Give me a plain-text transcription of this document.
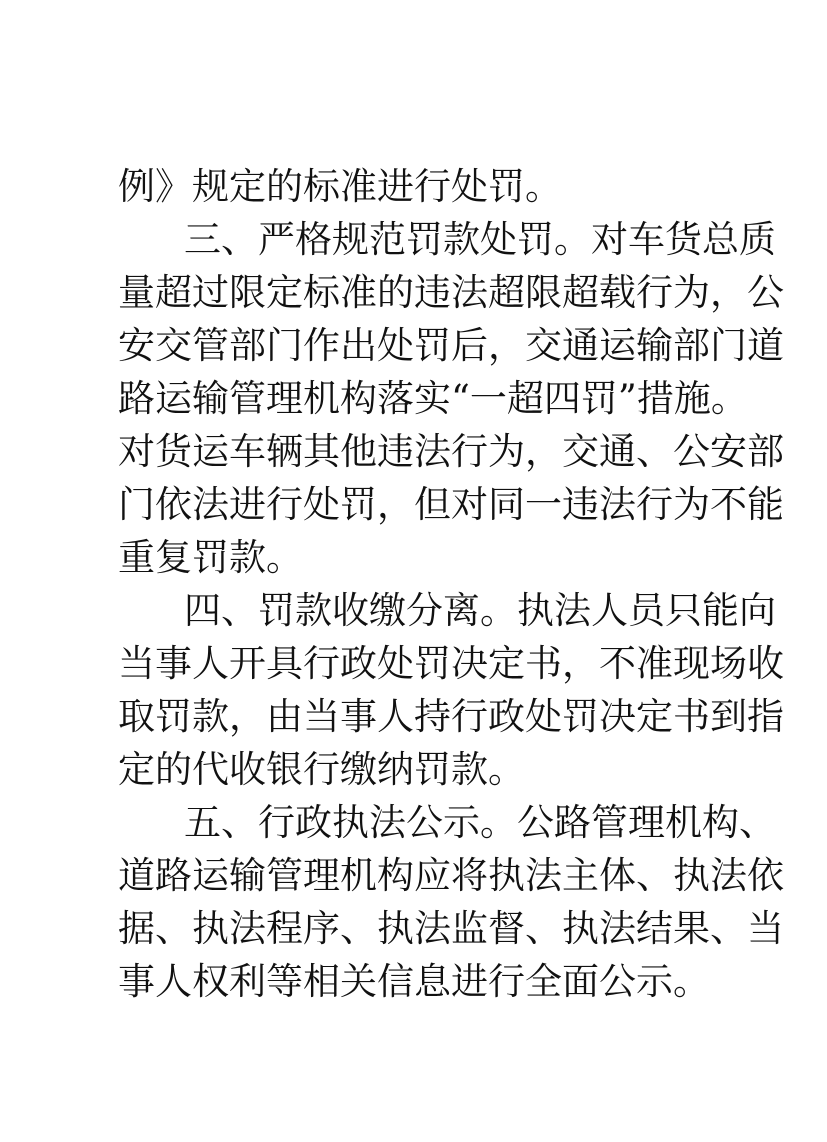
例》规定的标准进行处罚。

三、严格规范罚款处罚。对车货总质

量超过限定标准的违法超限超载行为，公

安交管部门作出处罚后，交通运输部门道

路运输管理机构落实“一超四罚”措施。

对货运车辆其他违法行为，交通、公安部

门依法进行处罚，但对同一违法行为不能

重复罚款。

四、罚款收缴分离。执法人员只能向

当事人开具行政处罚决定书，不准现场收

取罚款，由当事人持行政处罚决定书到指

定的代收银行缴纳罚款。

五、行政执法公示。公路管理机构、

道路运输管理机构应将执法主体、执法依

据、执法程序、执法监督、执法结果、当

事人权利等相关信息进行全面公示。
